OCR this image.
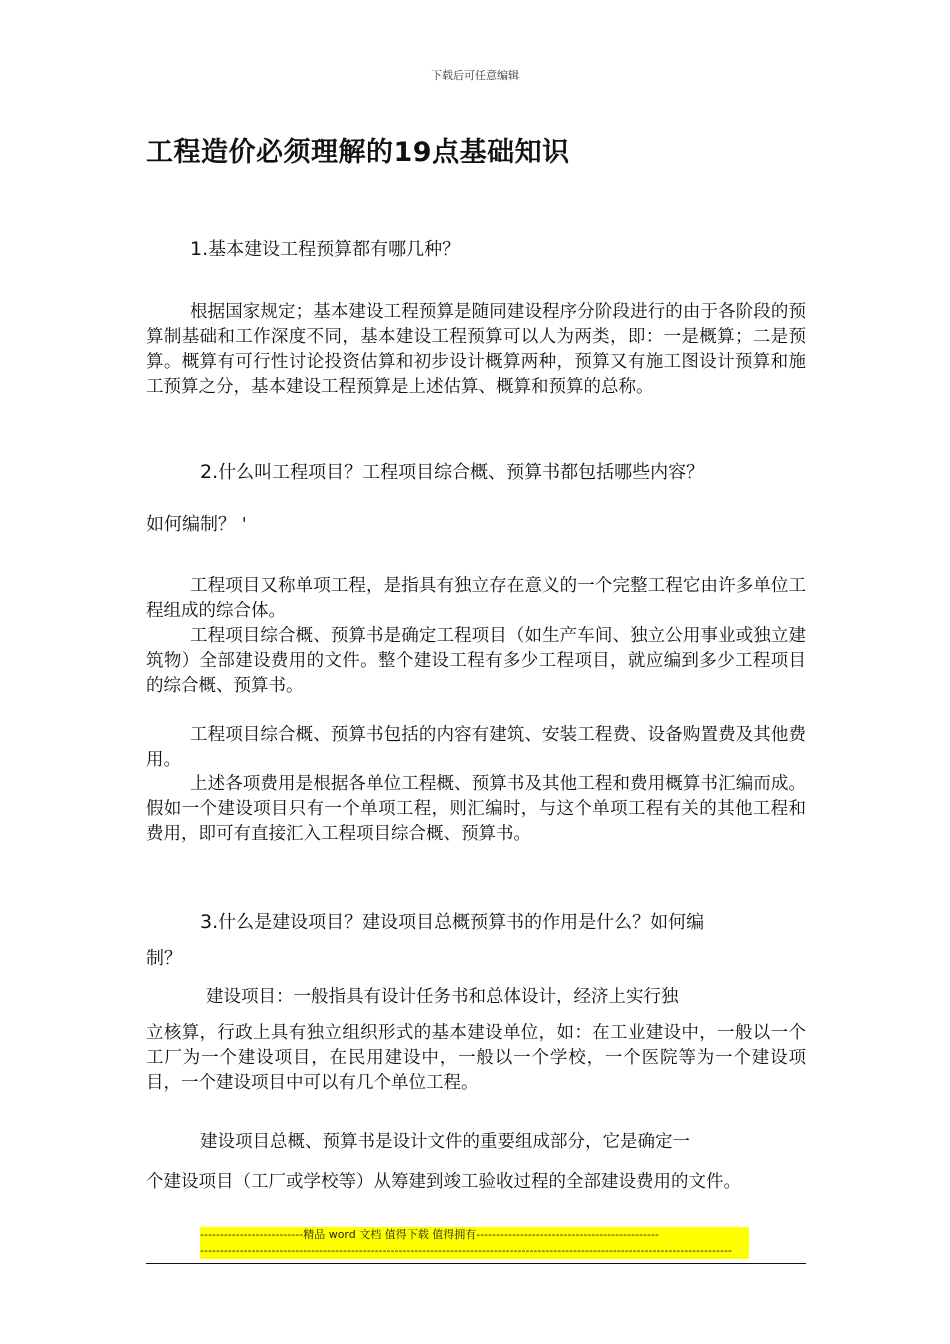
下载后可任意编辑
工程造价必须理解的19点基础知识
1.基本建设工程预算都有哪几种？

根据国家规定；基本建设工程预算是随同建设程序分阶段进行的由于各阶段的预算制基础和工作深度不同，基本建设工程预算可以人为两类，即：一是概算；二是预算。概算有可行性讨论投资估算和初步设计概算两种，预算又有施工图设计预算和施工预算之分，基本建设工程预算是上述估算、概算和预算的总称。

2.什么叫工程项目？工程项目综合概、预算书都包括哪些内容？
如何编制？ '

工程项目又称单项工程，是指具有独立存在意义的一个完整工程它由许多单位工程组成的综合体。

工程项目综合概、预算书是确定工程项目（如生产车间、独立公用事业或独立建筑物）全部建设费用的文件。整个建设工程有多少工程项目，就应编到多少工程项目的综合概、预算书。

工程项目综合概、预算书包括的内容有建筑、安装工程费、设备购置费及其他费用。

上述各项费用是根据各单位工程概、预算书及其他工程和费用概算书汇编而成。假如一个建设项目只有一个单项工程，则汇编时，与这个单项工程有关的其他工程和费用，即可有直接汇入工程项目综合概、预算书。

3.什么是建设项目？建设项目总概预算书的作用是什么？如何编
制？

建设项目：一般指具有设计任务书和总体设计，经济上实行独

立核算，行政上具有独立组织形式的基本建设单位，如：在工业建设中，一般以一个工厂为一个建设项目，在民用建设中，一般以一个学校，一个医院等为一个建设项目，一个建设项目中可以有几个单位工程。

建设项目总概、预算书是设计文件的重要组成部分，它是确定一

个建设项目（工厂或学校等）从筹建到竣工验收过程的全部建设费用的文件。

--------------------------精品 word 文档 值得下载 值得拥有----------------------------------------------
--------------------------------------------------------------------------------------------------------------------------------------
